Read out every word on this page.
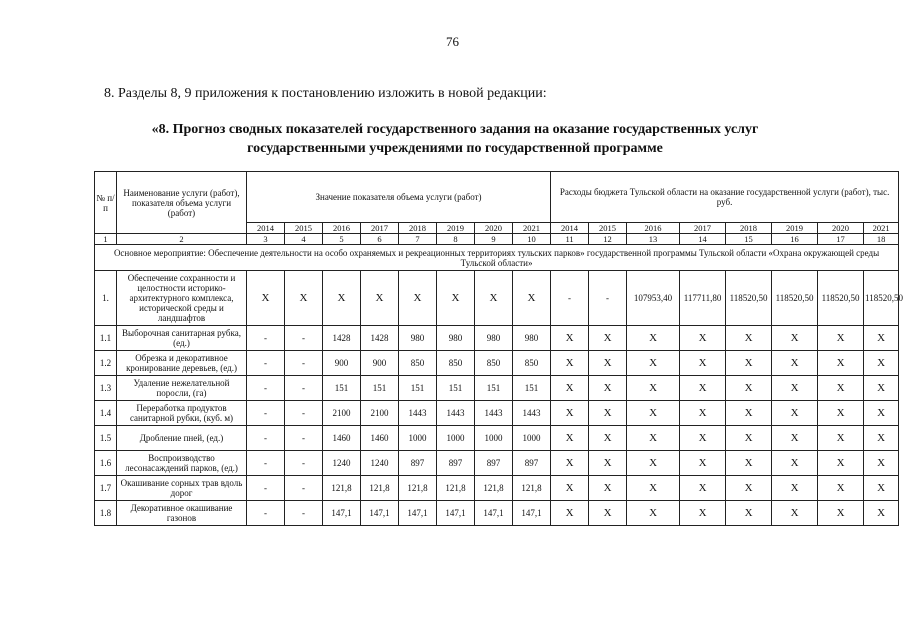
76
8. Разделы 8, 9 приложения к постановлению изложить в новой редакции:
«8. Прогноз сводных показателей государственного задания на оказание государственных услуг
государственными учреждениями по государственной программе
№ п/п	Наименование услуги (работ), показателя объема услуги (работ)	Значение показателя объема услуги (работ)								Расходы бюджета Тульской области на оказание государственной услуги (работ), тыс. руб.							
		2014	2015	2016	2017	2018	2019	2020	2021	2014	2015	2016	2017	2018	2019	2020	2021
1	2	3	4	5	6	7	8	9	10	11	12	13	14	15	16	17	18
Основное мероприятие: Обеспечение деятельности на особо охраняемых и рекреационных территориях тульских парков» государственной программы Тульской области «Охрана окружающей среды Тульской области»																	
1.	Обеспечение сохранности и целостности историко-архитектурного комплекса, исторической среды и ландшафтов	X	X	X	X	X	X	X	X	-	-	107953,40	117711,80	118520,50	118520,50	118520,50	118520,50
1.1	Выборочная санитарная рубка, (ед.)	-	-	1428	1428	980	980	980	980	X	X	X	X	X	X	X	X
1.2	Обрезка и декоративное кронирование деревьев, (ед.)	-	-	900	900	850	850	850	850	X	X	X	X	X	X	X	X
1.3	Удаление нежелательной поросли, (га)	-	-	151	151	151	151	151	151	X	X	X	X	X	X	X	X
1.4	Переработка продуктов санитарной рубки, (куб. м)	-	-	2100	2100	1443	1443	1443	1443	X	X	X	X	X	X	X	X
1.5	Дробление пней, (ед.)	-	-	1460	1460	1000	1000	1000	1000	X	X	X	X	X	X	X	X
1.6	Воспроизводство лесонасаждений парков, (ед.)	-	-	1240	1240	897	897	897	897	X	X	X	X	X	X	X	X
1.7	Окашивание сорных трав вдоль дорог	-	-	121,8	121,8	121,8	121,8	121,8	121,8	X	X	X	X	X	X	X	X
1.8	Декоративное окашивание газонов	-	-	147,1	147,1	147,1	147,1	147,1	147,1	X	X	X	X	X	X	X	X
